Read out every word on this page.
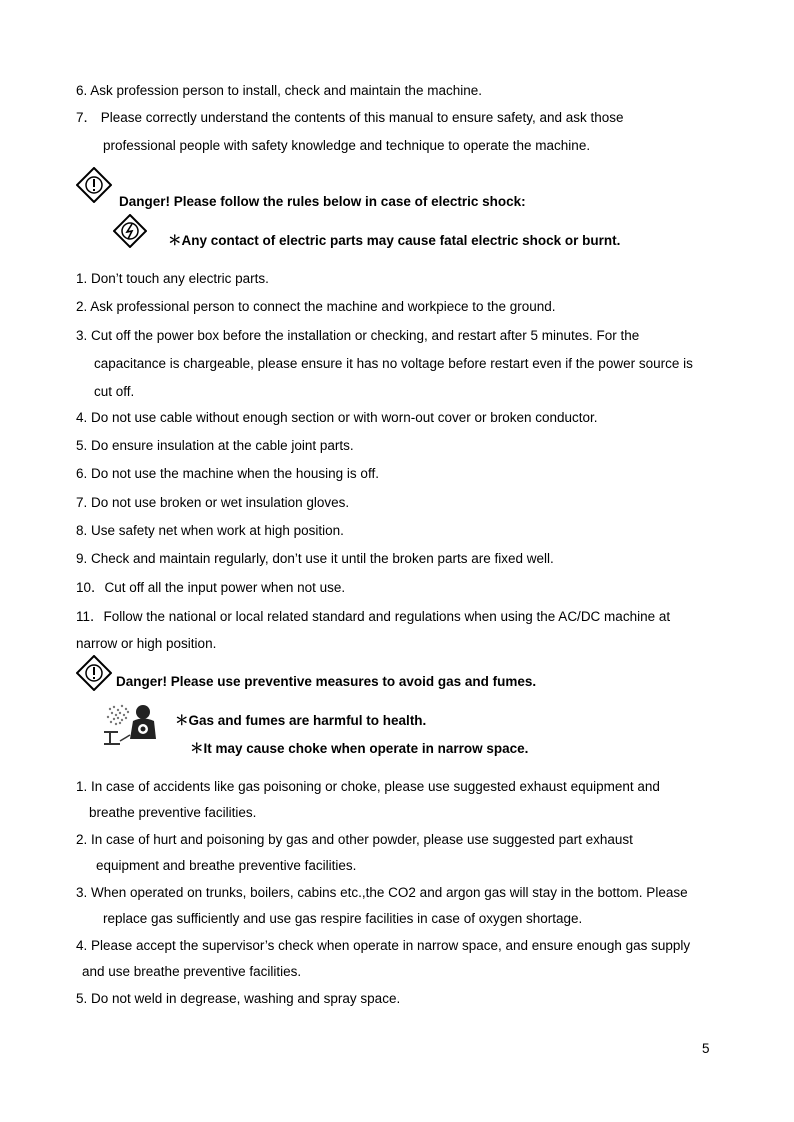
6. Ask profession person to install, check and maintain the machine.
7． Please correctly understand the contents of this manual to ensure safety, and ask those
professional people with safety knowledge and technique to operate the machine.
Danger! Please follow the rules below in case of electric shock:
＊Any contact of electric parts may cause fatal electric shock or burnt.
1. Don’t touch any electric parts.
2. Ask professional person to connect the machine and workpiece to the ground.
3. Cut off the power box before the installation or checking, and restart after 5 minutes. For the
capacitance is chargeable, please ensure it has no voltage before restart even if the power source is
cut off.
4. Do not use cable without enough section or with worn-out cover or broken conductor.
5. Do ensure insulation at the cable joint parts.
6. Do not use the machine when the housing is off.
7. Do not use broken or wet insulation gloves.
8. Use safety net when work at high position.
9. Check and maintain regularly, don’t use it until the broken parts are fixed well.
10．Cut off all the input power when not use.
11．Follow the national or local related standard and regulations when using the AC/DC machine at
narrow or high position.
Danger! Please use preventive measures to avoid gas and fumes.
＊Gas and fumes are harmful to health.
＊It may cause choke when operate in narrow space.
1. In case of accidents like gas poisoning or choke, please use suggested exhaust equipment and
breathe preventive facilities.
2. In case of hurt and poisoning by gas and other powder, please use suggested part exhaust
equipment and breathe preventive facilities.
3. When operated on trunks, boilers, cabins etc.,the CO2 and argon gas will stay in the bottom. Please
replace gas sufficiently and use gas respire facilities in case of oxygen shortage.
4. Please accept the supervisor’s check when operate in narrow space, and ensure enough gas supply
and use breathe preventive facilities.
5. Do not weld in degrease, washing and spray space.
5
